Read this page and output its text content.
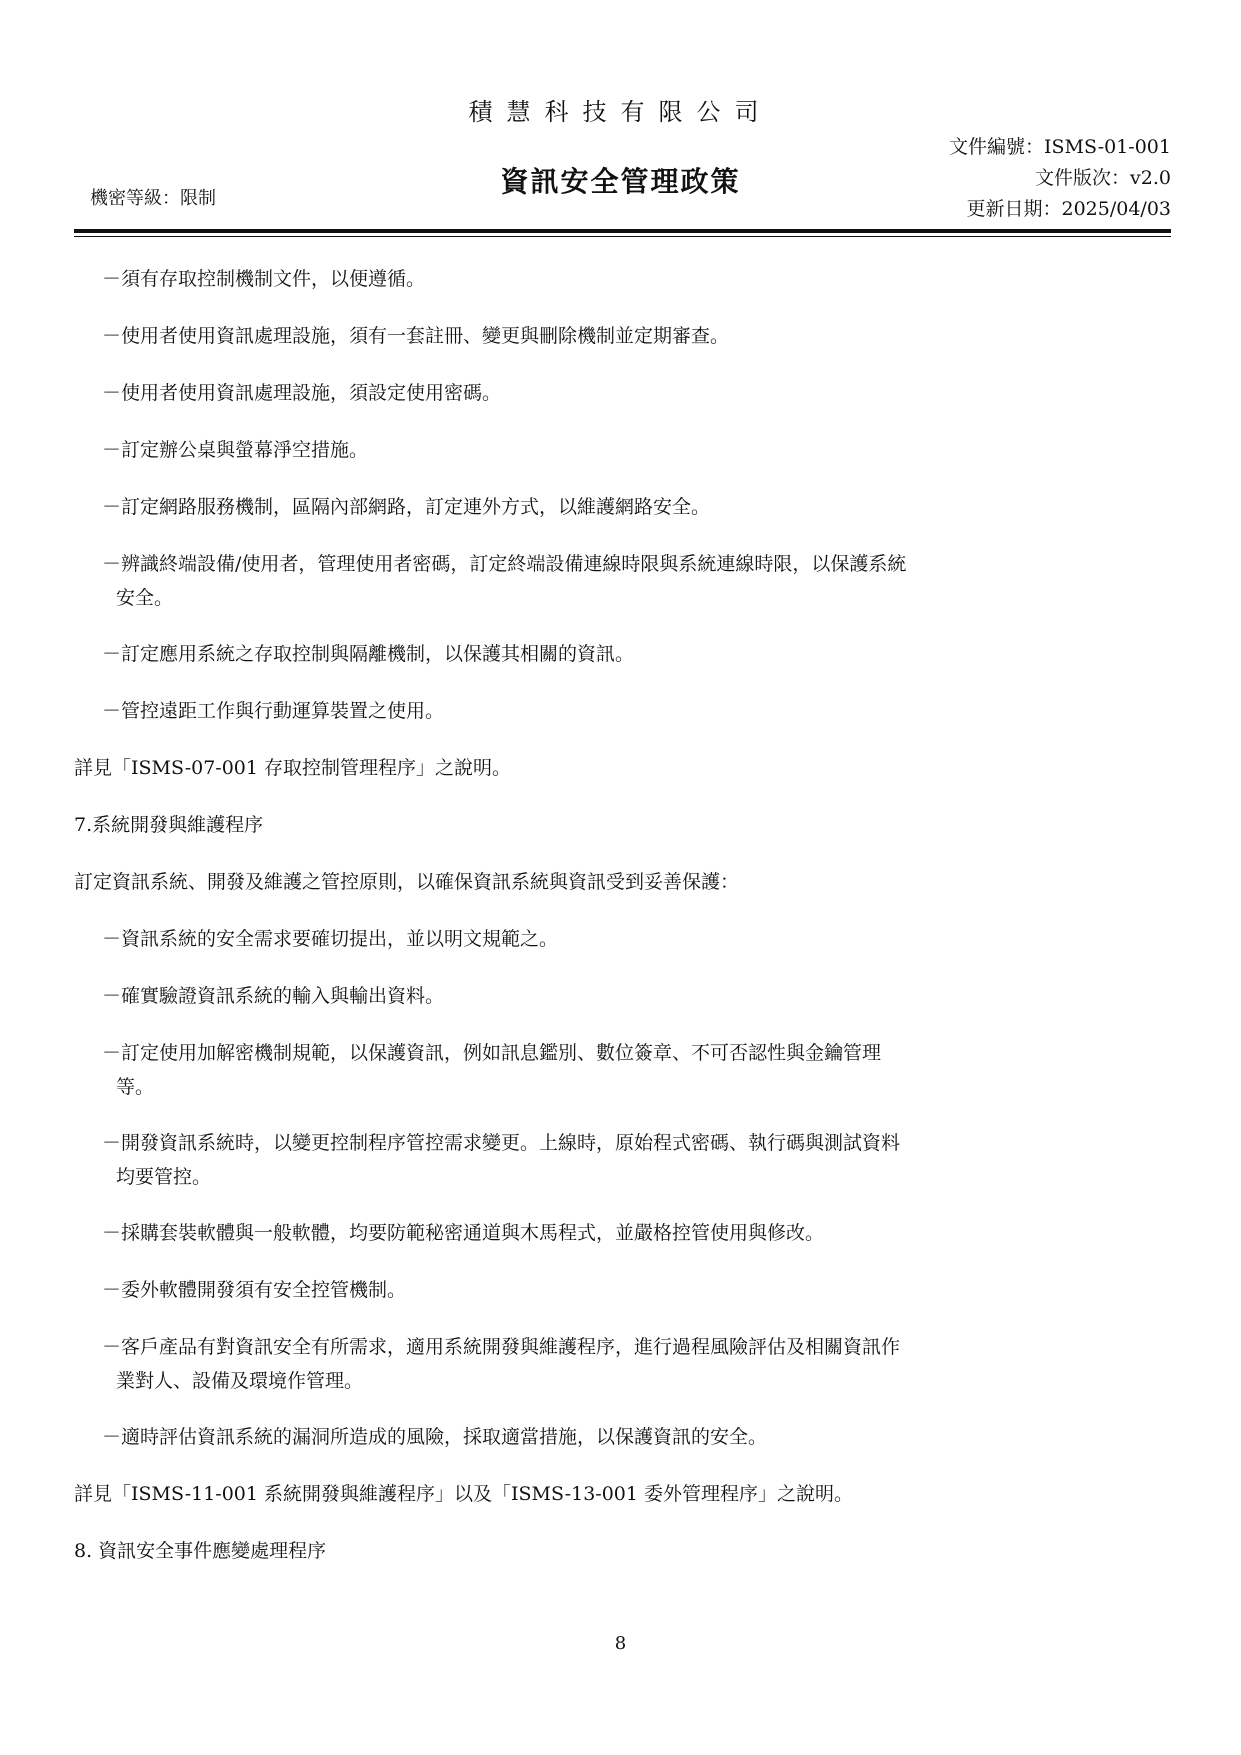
積慧科技有限公司
資訊安全管理政策
機密等級：限制
文件編號：ISMS-01-001
文件版次：v2.0
更新日期：2025/04/03
－須有存取控制機制文件，以便遵循。
－使用者使用資訊處理設施，須有一套註冊、變更與刪除機制並定期審查。
－使用者使用資訊處理設施，須設定使用密碼。
－訂定辦公桌與螢幕淨空措施。
－訂定網路服務機制，區隔內部網路，訂定連外方式，以維護網路安全。
－辨識終端設備/使用者，管理使用者密碼，訂定終端設備連線時限與系統連線時限，以保護系統
安全。
－訂定應用系統之存取控制與隔離機制，以保護其相關的資訊。
－管控遠距工作與行動運算裝置之使用。
詳見「ISMS-07-001 存取控制管理程序」之說明。
7.系統開發與維護程序
訂定資訊系統、開發及維護之管控原則，以確保資訊系統與資訊受到妥善保護：
－資訊系統的安全需求要確切提出，並以明文規範之。
－確實驗證資訊系統的輸入與輸出資料。
－訂定使用加解密機制規範，以保護資訊，例如訊息鑑別、數位簽章、不可否認性與金鑰管理
等。
－開發資訊系統時，以變更控制程序管控需求變更。上線時，原始程式密碼、執行碼與測試資料
均要管控。
－採購套裝軟體與一般軟體，均要防範秘密通道與木馬程式，並嚴格控管使用與修改。
－委外軟體開發須有安全控管機制。
－客戶產品有對資訊安全有所需求，適用系統開發與維護程序，進行過程風險評估及相關資訊作
業對人、設備及環境作管理。
－適時評估資訊系統的漏洞所造成的風險，採取適當措施，以保護資訊的安全。
詳見「ISMS-11-001 系統開發與維護程序」以及「ISMS-13-001 委外管理程序」之說明。
8. 資訊安全事件應變處理程序
8
